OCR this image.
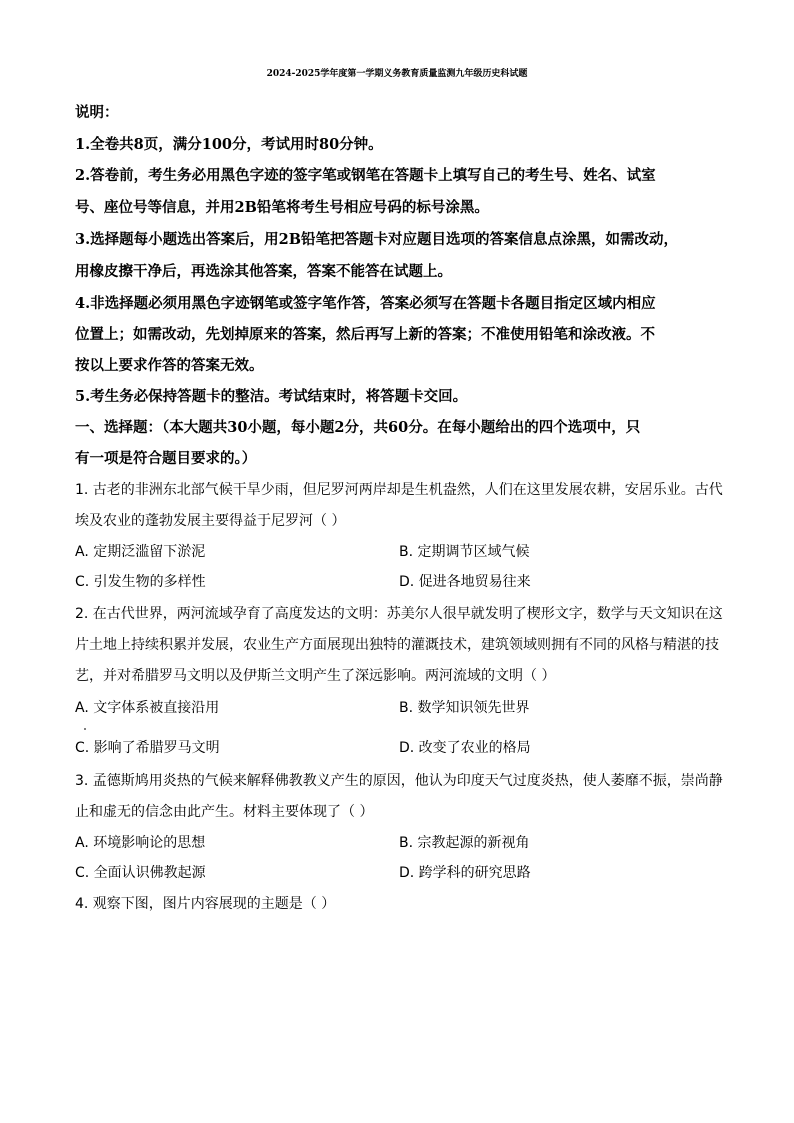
2024-2025学年度第一学期义务教育质量监测九年级历史科试题
说明：
1.全卷共8页，满分100分，考试用时80分钟。
2.答卷前，考生务必用黑色字迹的签字笔或钢笔在答题卡上填写自己的考生号、姓名、试室
号、座位号等信息，并用2B铅笔将考生号相应号码的标号涂黑。
3.选择题每小题选出答案后，用2B铅笔把答题卡对应题目选项的答案信息点涂黑，如需改动，
用橡皮擦干净后，再选涂其他答案，答案不能答在试题上。
4.非选择题必须用黑色字迹钢笔或签字笔作答，答案必须写在答题卡各题目指定区域内相应
位置上；如需改动，先划掉原来的答案，然后再写上新的答案；不准使用铅笔和涂改液。不
按以上要求作答的答案无效。
5.考生务必保持答题卡的整洁。考试结束时，将答题卡交回。
一、选择题：（本大题共30小题，每小题2分，共60分。在每小题给出的四个选项中，只
有一项是符合题目要求的。）
1. 古老的非洲东北部气候干旱少雨，但尼罗河两岸却是生机盎然，人们在这里发展农耕，安居乐业。古代
埃及农业的蓬勃发展主要得益于尼罗河（ ）
A. 定期泛滥留下淤泥	B. 定期调节区域气候
C. 引发生物的多样性	D. 促进各地贸易往来
2. 在古代世界，两河流域孕育了高度发达的文明：苏美尔人很早就发明了楔形文字，数学与天文知识在这
片土地上持续积累并发展，农业生产方面展现出独特的灌溉技术，建筑领域则拥有不同的风格与精湛的技
艺，并对希腊罗马文明以及伊斯兰文明产生了深远影响。两河流域的文明（ ）
A. 文字体系被直接沿用	B. 数学知识领先世界
C. 影响了希腊罗马文明	D. 改变了农业的格局
3. 孟德斯鸠用炎热的气候来解释佛教教义产生的原因，他认为印度天气过度炎热，使人萎靡不振，崇尚静
止和虚无的信念由此产生。材料主要体现了（ ）
A. 环境影响论的思想	B. 宗教起源的新视角
C. 全面认识佛教起源	D. 跨学科的研究思路
4. 观察下图，图片内容展现的主题是（ ）
